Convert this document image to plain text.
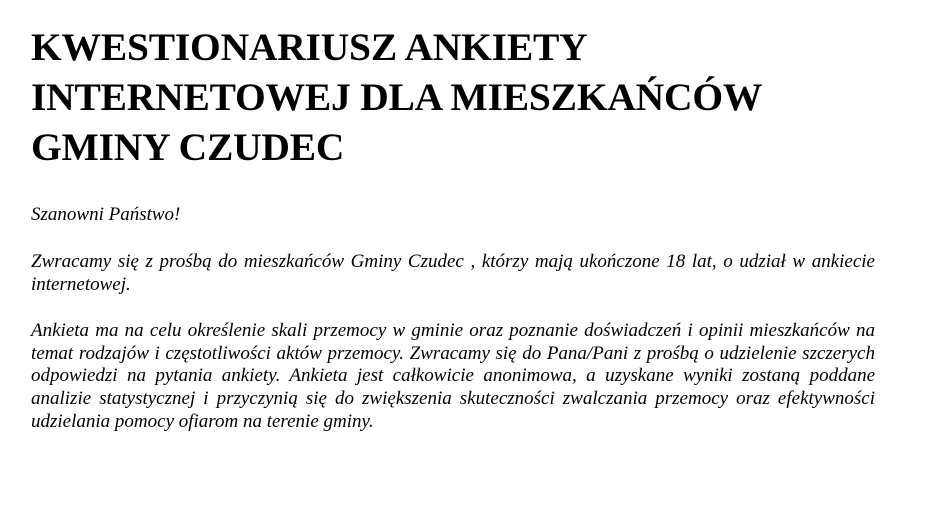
KWESTIONARIUSZ ANKIETY
INTERNETOWEJ DLA MIESZKAŃCÓW
GMINY CZUDEC

Szanowni Państwo!

Zwracamy się z prośbą do mieszkańców Gminy Czudec , którzy mają ukończone 18 lat, o udział w ankiecie internetowej.

Ankieta ma na celu określenie skali przemocy w gminie oraz poznanie doświadczeń i opinii mieszkańców na temat rodzajów i częstotliwości aktów przemocy. Zwracamy się do Pana/Pani z prośbą o udzielenie szczerych odpowiedzi na pytania ankiety. Ankieta jest całkowicie anonimowa, a uzyskane wyniki zostaną poddane analizie statystycznej i przyczynią się do zwiększenia skuteczności zwalczania przemocy oraz efektywności udzielania pomocy ofiarom na terenie gminy.
